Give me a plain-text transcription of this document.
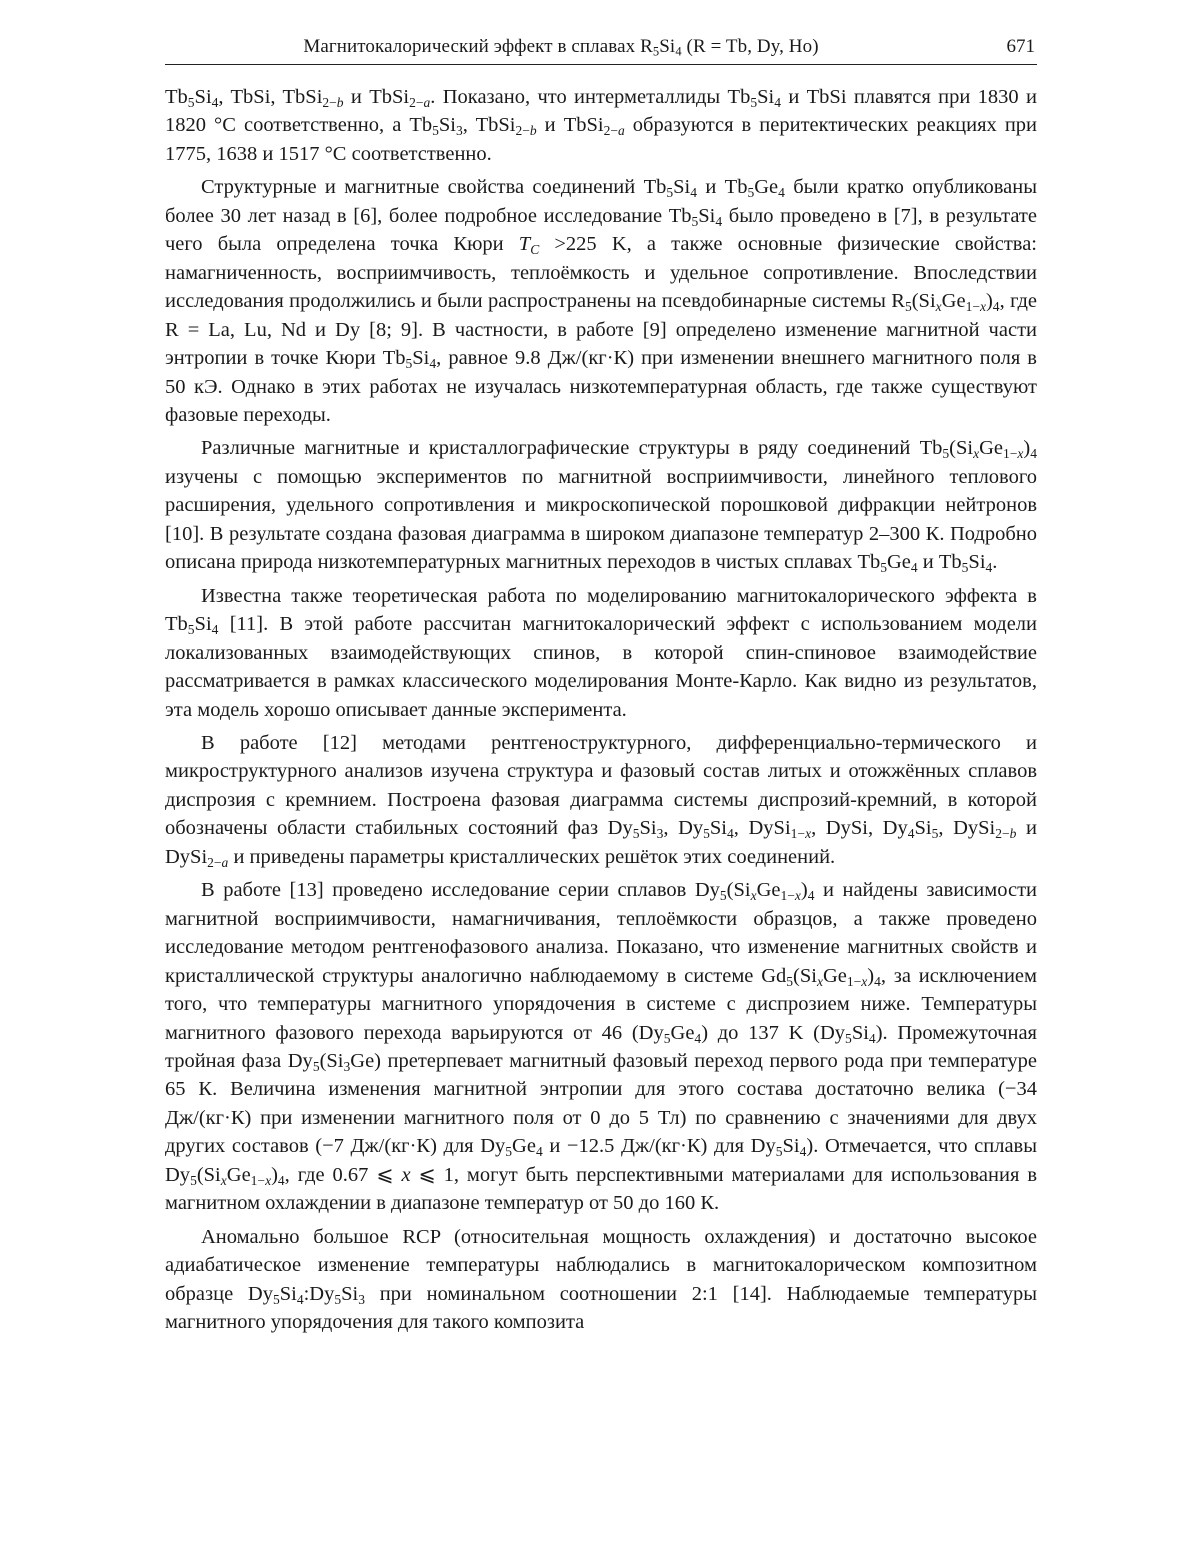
Магнитокалорический эффект в сплавах $R_5Si_4$ (R = Tb, Dy, Ho)	671

$Tb_5Si_4$, TbSi, TbSi$_{2-b}$ и TbSi$_{2-a}$. Показано, что интерметаллиды $Tb_5Si_4$ и TbSi плавятся при 1830 и 1820 °C соответственно, а $Tb_5Si_3$, TbSi$_{2-b}$ и TbSi$_{2-a}$ образуются в перитектических реакциях при 1775, 1638 и 1517 °C соответственно.

Структурные и магнитные свойства соединений $Tb_5Si_4$ и $Tb_5Ge_4$ были кратко опубликованы более 30 лет назад в [6], более подробное исследование $Tb_5Si_4$ было проведено в [7], в результате чего была определена точка Кюри $T_C >225$ K, а также основные физические свойства: намагниченность, восприимчивость, теплоёмкость и удельное сопротивление. Впоследствии исследования продолжились и были распространены на псевдобинарные системы $R_5(Si_xGe_{1-x})_4$, где R = La, Lu, Nd и Dy [8; 9]. В частности, в работе [9] определено изменение магнитной части энтропии в точке Кюри $Tb_5Si_4$, равное 9.8 Дж/(кг·К) при изменении внешнего магнитного поля в 50 кЭ. Однако в этих работах не изучалась низкотемпературная область, где также существуют фазовые переходы.

Различные магнитные и кристаллографические структуры в ряду соединений $Tb_5(Si_xGe_{1-x})_4$ изучены с помощью экспериментов по магнитной восприимчивости, линейного теплового расширения, удельного сопротивления и микроскопической порошковой дифракции нейтронов [10]. В результате создана фазовая диаграмма в широком диапазоне температур 2–300 К. Подробно описана природа низкотемпературных магнитных переходов в чистых сплавах $Tb_5Ge_4$ и $Tb_5Si_4$.

Известна также теоретическая работа по моделированию магнитокалорического эффекта в $Tb_5Si_4$ [11]. В этой работе рассчитан магнитокалорический эффект с использованием модели локализованных взаимодействующих спинов, в которой спин-спиновое взаимодействие рассматривается в рамках классического моделирования Монте-Карло. Как видно из результатов, эта модель хорошо описывает данные эксперимента.

В работе [12] методами рентгеноструктурного, дифференциально-термического и микроструктурного анализов изучена структура и фазовый состав литых и отожжённых сплавов диспрозия с кремнием. Построена фазовая диаграмма системы диспрозий-кремний, в которой обозначены области стабильных состояний фаз $Dy_5Si_3$, $Dy_5Si_4$, DySi$_{1-x}$, DySi, $Dy_4Si_5$, DySi$_{2-b}$ и DySi$_{2-a}$ и приведены параметры кристаллических решёток этих соединений.

В работе [13] проведено исследование серии сплавов $Dy_5(Si_xGe_{1-x})_4$ и найдены зависимости магнитной восприимчивости, намагничивания, теплоёмкости образцов, а также проведено исследование методом рентгенофазового анализа. Показано, что изменение магнитных свойств и кристаллической структуры аналогично наблюдаемому в системе $Gd_5(Si_xGe_{1-x})_4$, за исключением того, что температуры магнитного упорядочения в системе с диспрозием ниже. Температуры магнитного фазового перехода варьируются от 46 $(Dy_5Ge_4)$ до 137 K $(Dy_5Si_4)$. Промежуточная тройная фаза $Dy_5(Si_3Ge)$ претерпевает магнитный фазовый переход первого рода при температуре 65 К. Величина изменения магнитной энтропии для этого состава достаточно велика (−34 Дж/(кг·К) при изменении магнитного поля от 0 до 5 Тл) по сравнению с значениями для двух других составов (−7 Дж/(кг·К) для $Dy_5Ge_4$ и −12.5 Дж/(кг·К) для $Dy_5Si_4$). Отмечается, что сплавы $Dy_5(Si_xGe_{1-x})_4$, где 0.67 ⩽ x ⩽ 1, могут быть перспективными материалами для использования в магнитном охлаждении в диапазоне температур от 50 до 160 К.

Аномально большое RCP (относительная мощность охлаждения) и достаточно высокое адиабатическое изменение температуры наблюдались в магнитокалорическом композитном образце $Dy_5Si_4:Dy_5Si_3$ при номинальном соотношении 2:1 [14]. Наблюдаемые температуры магнитного упорядочения для такого композита
